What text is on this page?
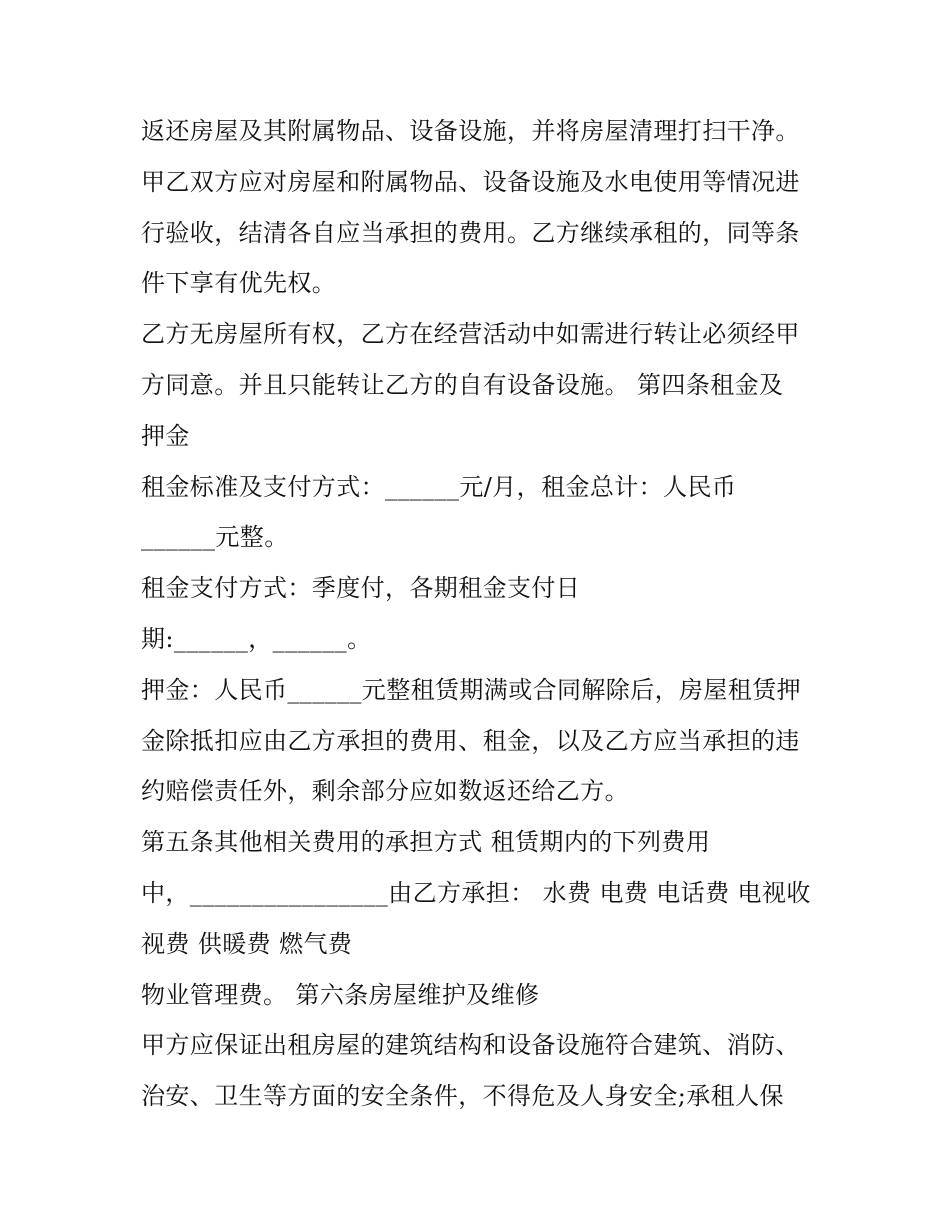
返还房屋及其附属物品、设备设施，并将房屋清理打扫干净。
甲乙双方应对房屋和附属物品、设备设施及水电使用等情况进
行验收，结清各自应当承担的费用。乙方继续承租的，同等条
件下享有优先权。
乙方无房屋所有权，乙方在经营活动中如需进行转让必须经甲
方同意。并且只能转让乙方的自有设备设施。 第四条租金及
押金
租金标准及支付方式：______元/月，租金总计：人民币
______元整。
租金支付方式：季度付，各期租金支付日
期:______，______。
押金：人民币______元整租赁期满或合同解除后，房屋租赁押
金除抵扣应由乙方承担的费用、租金，以及乙方应当承担的违
约赔偿责任外，剩余部分应如数返还给乙方。
第五条其他相关费用的承担方式 租赁期内的下列费用
中，________________由乙方承担： 水费 电费 电话费 电视收
视费 供暖费 燃气费
物业管理费。 第六条房屋维护及维修
甲方应保证出租房屋的建筑结构和设备设施符合建筑、消防、
治安、卫生等方面的安全条件，不得危及人身安全;承租人保
